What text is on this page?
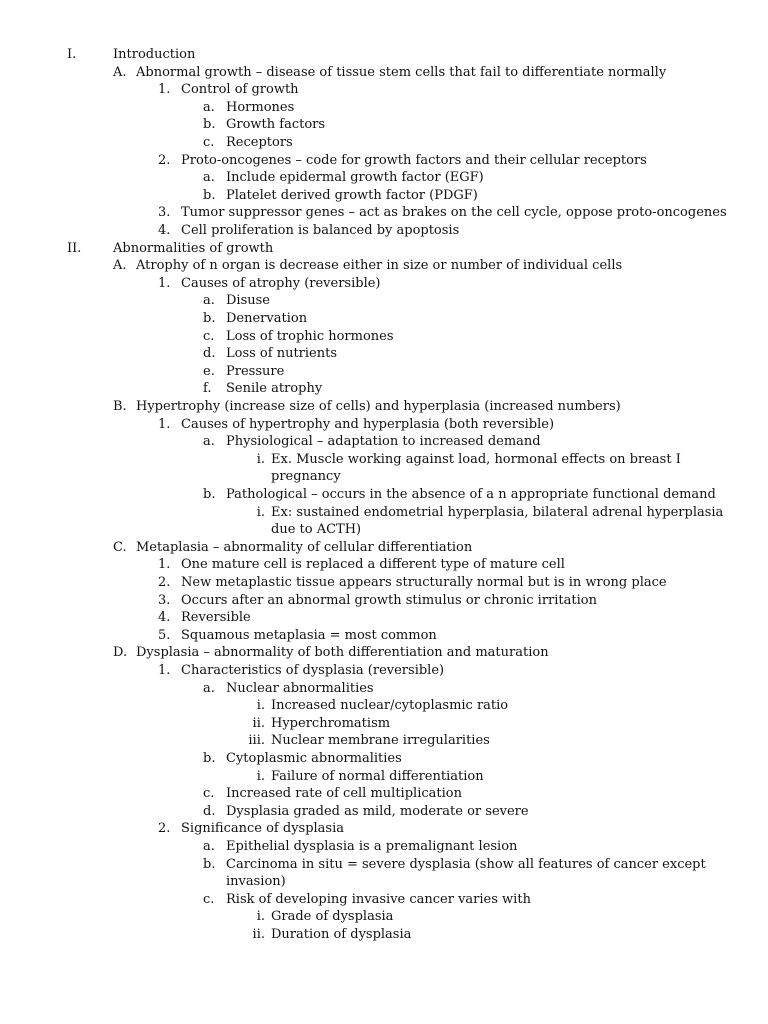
I.	Introduction
A. Abnormal growth – disease of tissue stem cells that fail to differentiate normally
1. Control of growth
a. Hormones
b. Growth factors
c. Receptors
2. Proto-oncogenes – code for growth factors and their cellular receptors
a. Include epidermal growth factor (EGF)
b. Platelet derived growth factor (PDGF)
3. Tumor suppressor genes – act as brakes on the cell cycle, oppose proto-oncogenes
4. Cell proliferation is balanced by apoptosis
II. Abnormalities of growth
A. Atrophy of n organ is decrease either in size or number of individual cells
1. Causes of atrophy (reversible)
a. Disuse
b. Denervation
c. Loss of trophic hormones
d. Loss of nutrients
e. Pressure
f. Senile atrophy
B. Hypertrophy (increase size of cells) and hyperplasia (increased numbers)
1. Causes of hypertrophy and hyperplasia (both reversible)
a. Physiological – adaptation to increased demand
i. Ex. Muscle working against load, hormonal effects on breast I
pregnancy
b. Pathological – occurs in the absence of a n appropriate functional demand
i. Ex: sustained endometrial hyperplasia, bilateral adrenal hyperplasia
due to ACTH)
C. Metaplasia – abnormality of cellular differentiation
1. One mature cell is replaced a different type of mature cell
2. New metaplastic tissue appears structurally normal but is in wrong place
3. Occurs after an abnormal growth stimulus or chronic irritation
4. Reversible
5. Squamous metaplasia = most common
D. Dysplasia – abnormality of both differentiation and maturation
1. Characteristics of dysplasia (reversible)
a. Nuclear abnormalities
i. Increased nuclear/cytoplasmic ratio
ii. Hyperchromatism
iii. Nuclear membrane irregularities
b. Cytoplasmic abnormalities
i. Failure of normal differentiation
c. Increased rate of cell multiplication
d. Dysplasia graded as mild, moderate or severe
2. Significance of dysplasia
a. Epithelial dysplasia is a premalignant lesion
b. Carcinoma in situ = severe dysplasia (show all features of cancer except
invasion)
c. Risk of developing invasive cancer varies with
i. Grade of dysplasia
ii. Duration of dysplasia
